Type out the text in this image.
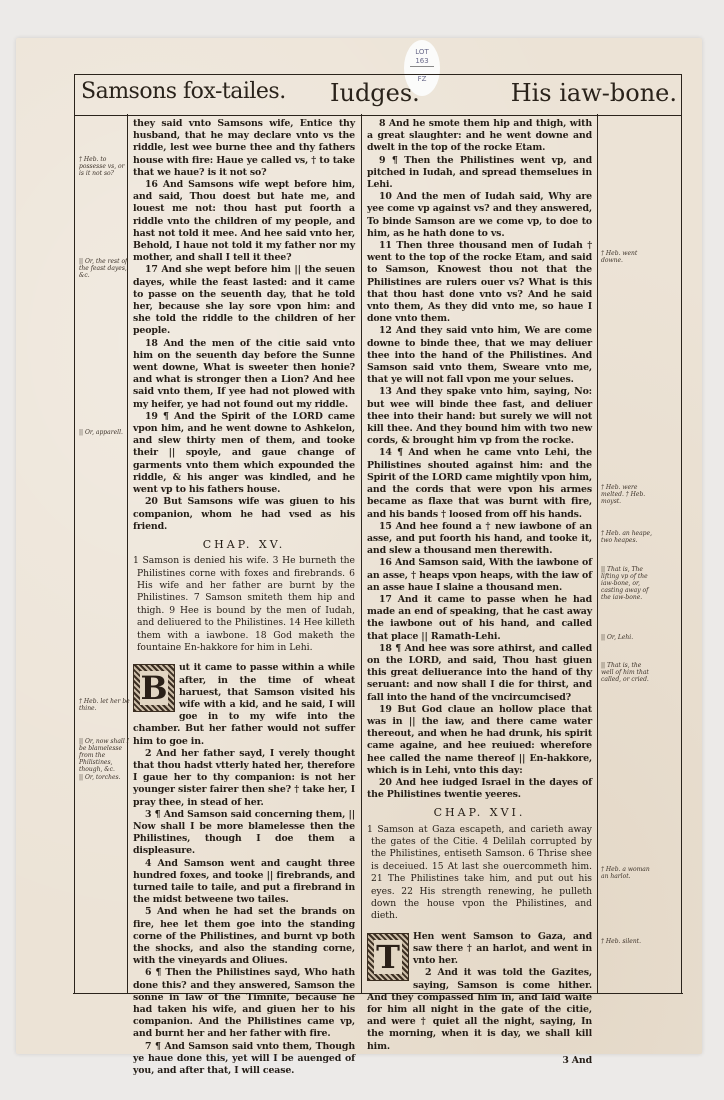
LOT 163
FZ
Samsons fox-tailes. Iudges.	His iaw-bone.
† Heb. to possesse vs, or is it not so?
|| Or, the rest of the feast dayes, &c.
|| Or, apparell.
† Heb. let her be thine.
|| Or, now shall I be blamelesse from the Philistines, though, &c.
|| Or, torches.

they said vnto Samsons wife, Entice thy husband, that he may declare vnto vs the riddle, lest wee burne thee and thy fathers house with fire: Haue ye called vs, † to take that we haue? is it not so?

16 And Samsons wife wept before him, and said, Thou doest but hate me, and louest me not: thou hast put foorth a riddle vnto the children of my people, and hast not told it mee. And hee said vnto her, Behold, I haue not told it my father nor my mother, and shall I tell it thee?

17 And she wept before him || the seuen dayes, while the feast lasted: and it came to passe on the seuenth day, that he told her, because she lay sore vpon him: and she told the riddle to the children of her people.

18 And the men of the citie said vnto him on the seuenth day before the Sunne went downe, What is sweeter then honie? and what is stronger then a Lion? And hee said vnto them, If yee had not plowed with my heifer, ye had not found out my riddle.

19 ¶ And the Spirit of the LORD came vpon him, and he went downe to Ashkelon, and slew thirty men of them, and tooke their || spoyle, and gaue change of garments vnto them which expounded the riddle, & his anger was kindled, and he went vp to his fathers house.

20 But Samsons wife was giuen to his companion, whom he had vsed as his friend.

CHAP. XV.
1 Samson is denied his wife. 3 He burneth the Philistines corne with foxes and firebrands. 6 His wife and her father are burnt by the Philistines. 7 Samson smiteth them hip and thigh. 9 Hee is bound by the men of Iudah, and deliuered to the Philistines. 14 Hee killeth them with a iawbone. 18 God maketh the fountaine En-hakkore for him in Lehi.
B

ut it came to passe within a while after, in the time of wheat haruest, that Samson visited his wife with a kid, and he said, I will goe in to my wife into the chamber. But her father would not suffer him to goe in.

2 And her father sayd, I verely thought that thou hadst vtterly hated her, therefore I gaue her to thy companion: is not her younger sister fairer then she? † take her, I pray thee, in stead of her.

3 ¶ And Samson said concerning them, || Now shall I be more blamelesse then the Philistines, though I doe them a displeasure.

4 And Samson went and caught three hundred foxes, and tooke || firebrands, and turned taile to taile, and put a firebrand in the midst betweene two tailes.

5 And when he had set the brands on fire, hee let them goe into the standing corne of the Philistines, and burnt vp both the shocks, and also the standing corne, with the vineyards and Oliues.

6 ¶ Then the Philistines sayd, Who hath done this? and they answered, Samson the sonne in law of the Timnite, because he had taken his wife, and giuen her to his companion. And the Philistines came vp, and burnt her and her father with fire.

7 ¶ And Samson said vnto them, Though ye haue done this, yet will I be auenged of you, and after that, I will cease.

8 And he smote them hip and thigh, with a great slaughter: and he went downe and dwelt in the top of the rocke Etam.

9 ¶ Then the Philistines went vp, and pitched in Iudah, and spread themselues in Lehi.

10 And the men of Iudah said, Why are yee come vp against vs? and they answered, To binde Samson are we come vp, to doe to him, as he hath done to vs.

11 Then three thousand men of Iudah † went to the top of the rocke Etam, and said to Samson, Knowest thou not that the Philistines are rulers ouer vs? What is this that thou hast done vnto vs? And he said vnto them, As they did vnto me, so haue I done vnto them.

12 And they said vnto him, We are come downe to binde thee, that we may deliuer thee into the hand of the Philistines. And Samson said vnto them, Sweare vnto me, that ye will not fall vpon me your selues.

13 And they spake vnto him, saying, No: but wee will binde thee fast, and deliuer thee into their hand: but surely we will not kill thee. And they bound him with two new cords, & brought him vp from the rocke.

14 ¶ And when he came vnto Lehi, the Philistines shouted against him: and the Spirit of the LORD came mightily vpon him, and the cords that were vpon his armes became as flaxe that was burnt with fire, and his bands † loosed from off his hands.

15 And hee found a † new iawbone of an asse, and put foorth his hand, and tooke it, and slew a thousand men therewith.

16 And Samson said, With the iawbone of an asse, † heaps vpon heaps, with the iaw of an asse haue I slaine a thousand men.

17 And it came to passe when he had made an end of speaking, that he cast away the iawbone out of his hand, and called that place || Ramath-Lehi.

18 ¶ And hee was sore athirst, and called on the LORD, and said, Thou hast giuen this great deliuerance into the hand of thy seruant: and now shall I die for thirst, and fall into the hand of the vncircumcised?

19 But God claue an hollow place that was in || the iaw, and there came water thereout, and when he had drunk, his spirit came againe, and hee reuiued: wherefore hee called the name thereof || En-hakkore, which is in Lehi, vnto this day:

20 And hee iudged Israel in the dayes of the Philistines twentie yeeres.

CHAP. XVI.
1 Samson at Gaza escapeth, and carieth away the gates of the Citie. 4 Delilah corrupted by the Philistines, entiseth Samson. 6 Thrise shee is deceiued. 15 At last she ouercommeth him. 21 The Philistines take him, and put out his eyes. 22 His strength renewing, he pulleth down the house vpon the Philistines, and dieth.
T

Hen went Samson to Gaza, and saw there † an harlot, and went in vnto her.

2 And it was told the Gazites, saying, Samson is come hither. And they compassed him in, and laid waite for him all night in the gate of the citie, and were † quiet all the night, saying, In the morning, when it is day, we shall kill him.

3 And
† Heb. went downe.
† Heb. were melted. † Heb. moyst.
† Heb. an heape, two heapes.
|| That is, The lifting vp of the iaw-bone, or, casting away of the iaw-bone.
|| Or, Lehi.
|| That is, the well of him that called, or cried.
† Heb. a woman an harlot.
† Heb. silent.
